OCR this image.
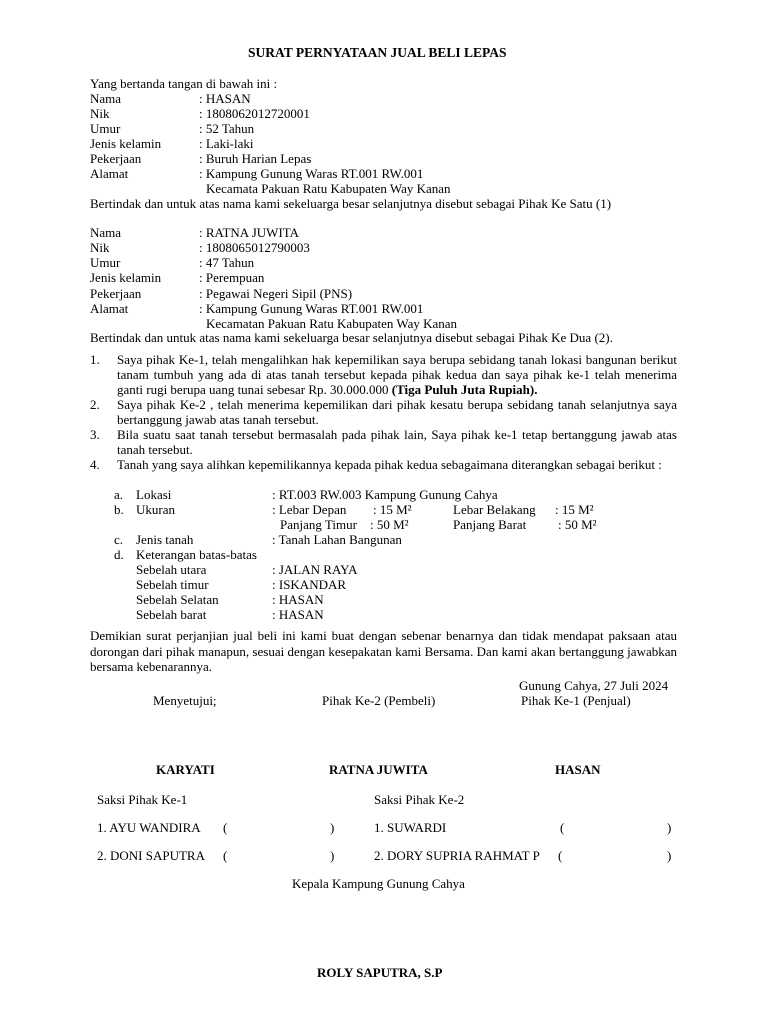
SURAT PERNYATAAN JUAL BELI LEPAS
Yang bertanda tangan di bawah ini :
Nama	: HASAN
Nik	: 1808062012720001
Umur	: 52 Tahun
Jenis kelamin	: Laki-laki
Pekerjaan	: Buruh Harian Lepas
Alamat	: Kampung Gunung Waras RT.001 RW.001
Kecamata Pakuan Ratu Kabupaten Way Kanan
Bertindak dan untuk atas nama kami sekeluarga besar selanjutnya disebut sebagai Pihak Ke Satu (1)
Nama	: RATNA JUWITA
Nik	: 1808065012790003
Umur	: 47 Tahun
Jenis kelamin	: Perempuan
Pekerjaan	: Pegawai Negeri Sipil (PNS)
Alamat	: Kampung Gunung Waras RT.001 RW.001
Kecamatan Pakuan Ratu Kabupaten Way Kanan
Bertindak dan untuk atas nama kami sekeluarga besar selanjutnya disebut sebagai Pihak Ke Dua (2).
1. Saya pihak Ke-1, telah mengalihkan hak kepemilikan saya berupa sebidang tanah lokasi bangunan berikut tanam tumbuh yang ada di atas tanah tersebut kepada pihak kedua dan saya pihak ke-1 telah menerima ganti rugi berupa uang tunai sebesar Rp. 30.000.000 (Tiga Puluh Juta Rupiah).
2. Saya pihak Ke-2 , telah menerima kepemilikan dari pihak kesatu berupa sebidang tanah selanjutnya saya bertanggung jawab atas tanah tersebut.
3. Bila suatu saat tanah tersebut bermasalah pada pihak lain, Saya pihak ke-1 tetap bertanggung jawab atas tanah tersebut.
4. Tanah yang saya alihkan kepemilikannya kepada pihak kedua sebagaimana diterangkan sebagai berikut :
a. Lokasi	: RT.003 RW.003 Kampung Gunung Cahya
b. Ukuran	: Lebar Depan : 15 M²	Lebar Belakang : 15 M²
Panjang Timur : 50 M²	Panjang Barat : 50 M²
c. Jenis tanah	: Tanah Lahan Bangunan
d. Keterangan batas-batas
Sebelah utara	: JALAN RAYA
Sebelah timur	: ISKANDAR
Sebelah Selatan	: HASAN
Sebelah barat	: HASAN
Demikian surat perjanjian jual beli ini kami buat dengan sebenar benarnya dan tidak mendapat paksaan atau dorongan dari pihak manapun, sesuai dengan kesepakatan kami Bersama. Dan kami akan bertanggung jawabkan bersama kebenarannya.
Gunung Cahya, 27 Juli 2024
Menyetujui;	Pihak Ke-2 (Pembeli)	Pihak Ke-1 (Penjual)
KARYATI	RATNA JUWITA	HASAN
Saksi Pihak Ke-1	Saksi Pihak Ke-2
1. AYU WANDIRA (	)	1. SUWARDI	(	)
2. DONI SAPUTRA (	)	2. DORY SUPRIA RAHMAT P (	)
Kepala Kampung Gunung Cahya
ROLY SAPUTRA, S.P
